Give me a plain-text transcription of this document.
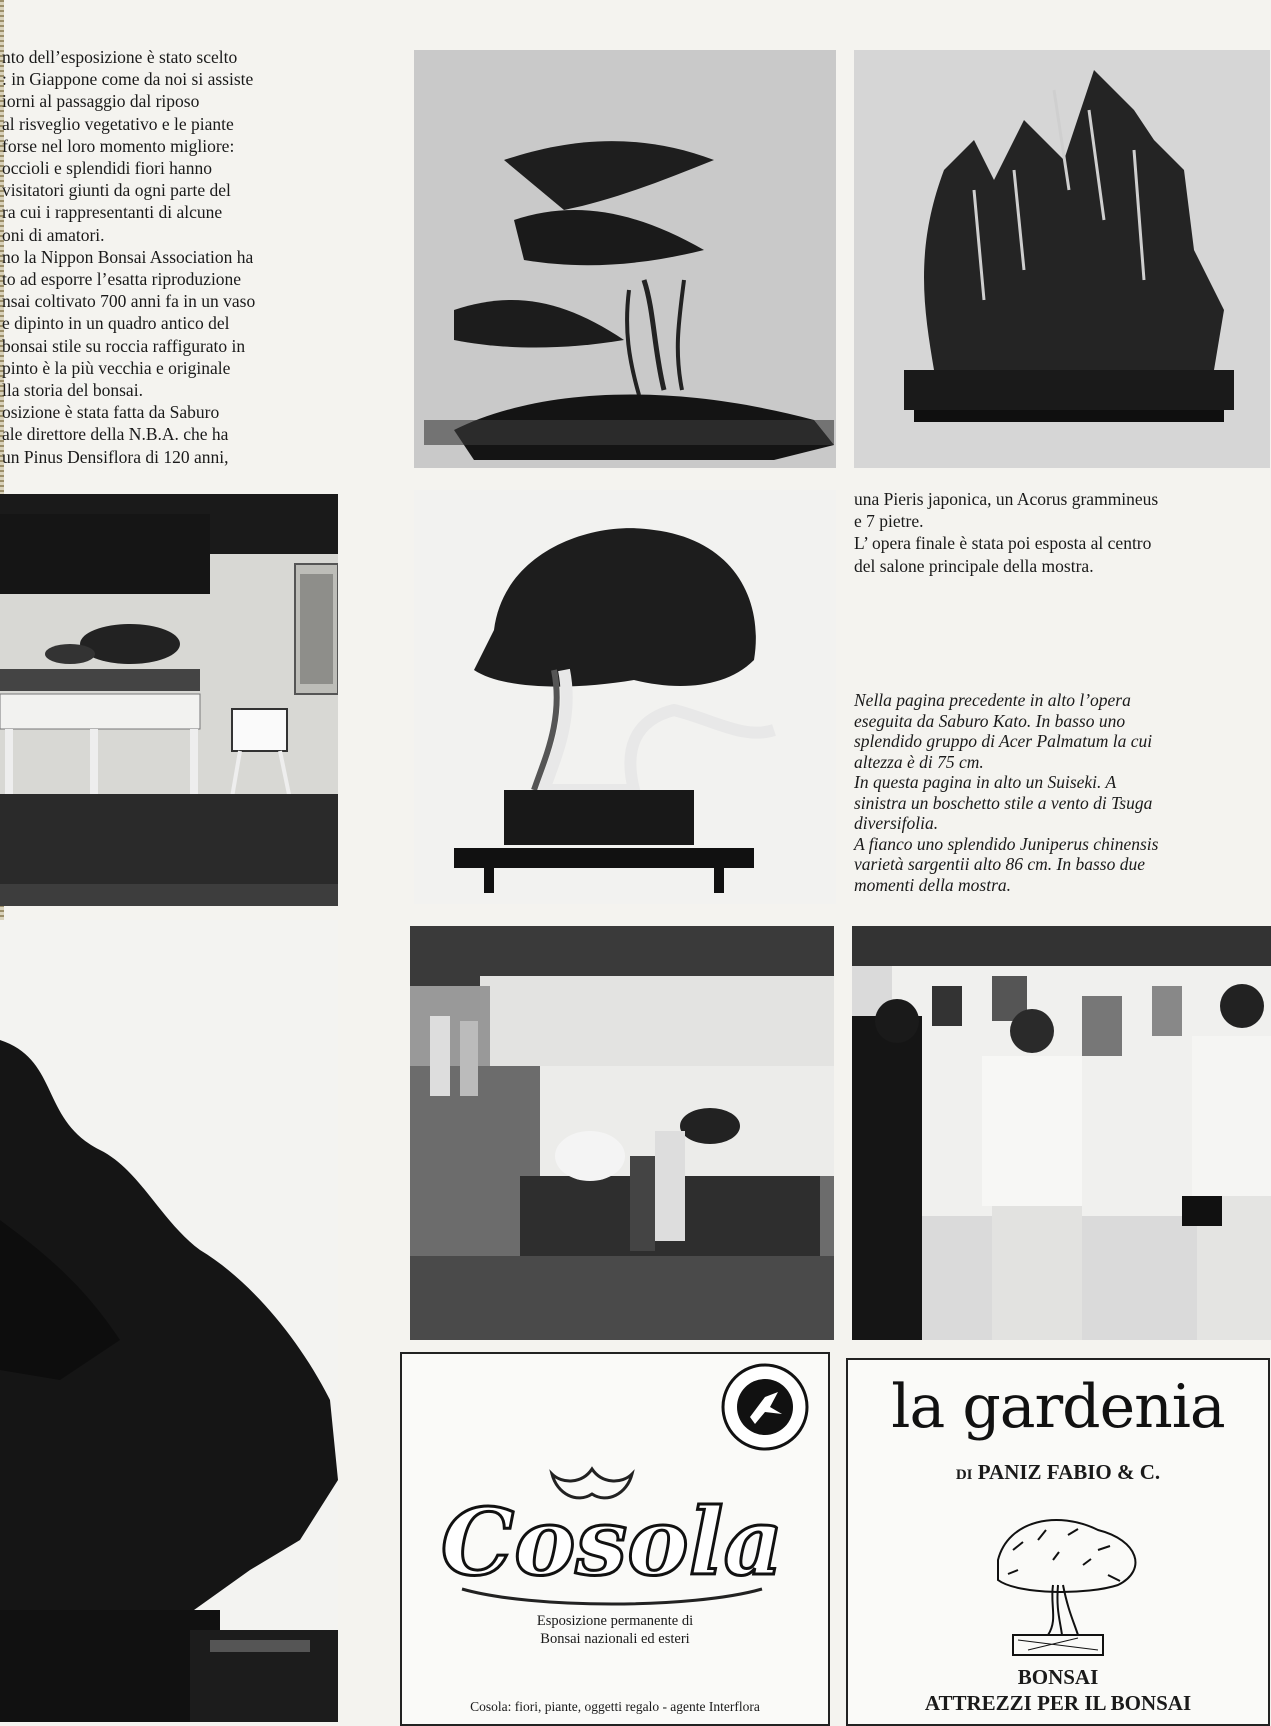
nto dell’esposizione è stato scelto
: in Giappone come da noi si assiste
iorni al passaggio dal riposo
al risveglio vegetativo e le piante
forse nel loro momento migliore:
occioli e splendidi fiori hanno
visitatori giunti da ogni parte del
ra cui i rappresentanti di alcune
oni di amatori.
no la Nippon Bonsai Association ha
to ad esporre l’esatta riproduzione
nsai coltivato 700 anni fa in un vaso
e dipinto in un quadro antico del
bonsai stile su roccia raffigurato in
pinto è la più vecchia e originale
lla storia del bonsai.
osizione è stata fatta da Saburo
ale direttore della N.B.A. che ha
un Pinus Densiflora di 120 anni,
una Pieris japonica, un Acorus grammineus
e 7 pietre.
L’ opera finale è stata poi esposta al centro
del salone principale della mostra.
Nella pagina precedente in alto l’opera
eseguita da Saburo Kato. In basso uno
splendido gruppo di Acer Palmatum la cui
altezza è di 75 cm.
In questa pagina in alto un Suiseki. A
sinistra un boschetto stile a vento di Tsuga
diversifolia.
A fianco uno splendido Juniperus chinensis
varietà sargentii alto 86 cm. In basso due
momenti della mostra.
Cosola
Esposizione permanente di
Bonsai nazionali ed esteri
Cosola: fiori, piante, oggetti regalo - agente Interflora
la gardenia
DI PANIZ FABIO & C.
BONSAI
ATTREZZI PER IL BONSAI
